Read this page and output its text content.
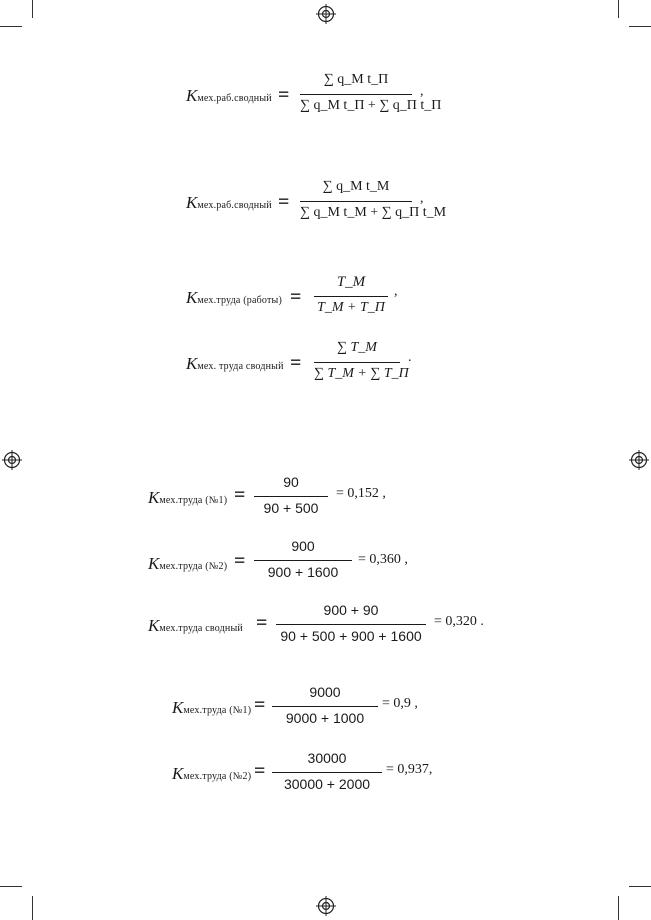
Kмех.раб.сводный =
∑ q_M t_П
∑ q_M t_П + ∑ q_П t_П
,
Kмех.раб.сводный =
∑ q_M t_M
∑ q_M t_M + ∑ q_П t_M
,
Kмех.труда (работы) =
T_M
T_M + T_П
,
Kмех. труда сводный =
∑ T_M
∑ T_M + ∑ T_П
.
Kмех.труда (№1) =
90
90 + 500
= 0,152 ,
Kмех.труда (№2) =
900
900 + 1600
= 0,360 ,
Kмех.труда сводный =
900 + 90
90 + 500 + 900 + 1600
= 0,320 .
Kмех.труда (№1) =
9000
9000 + 1000
= 0,9 ,
Kмех.труда (№2) =
30000
30000 + 2000
= 0,937,
